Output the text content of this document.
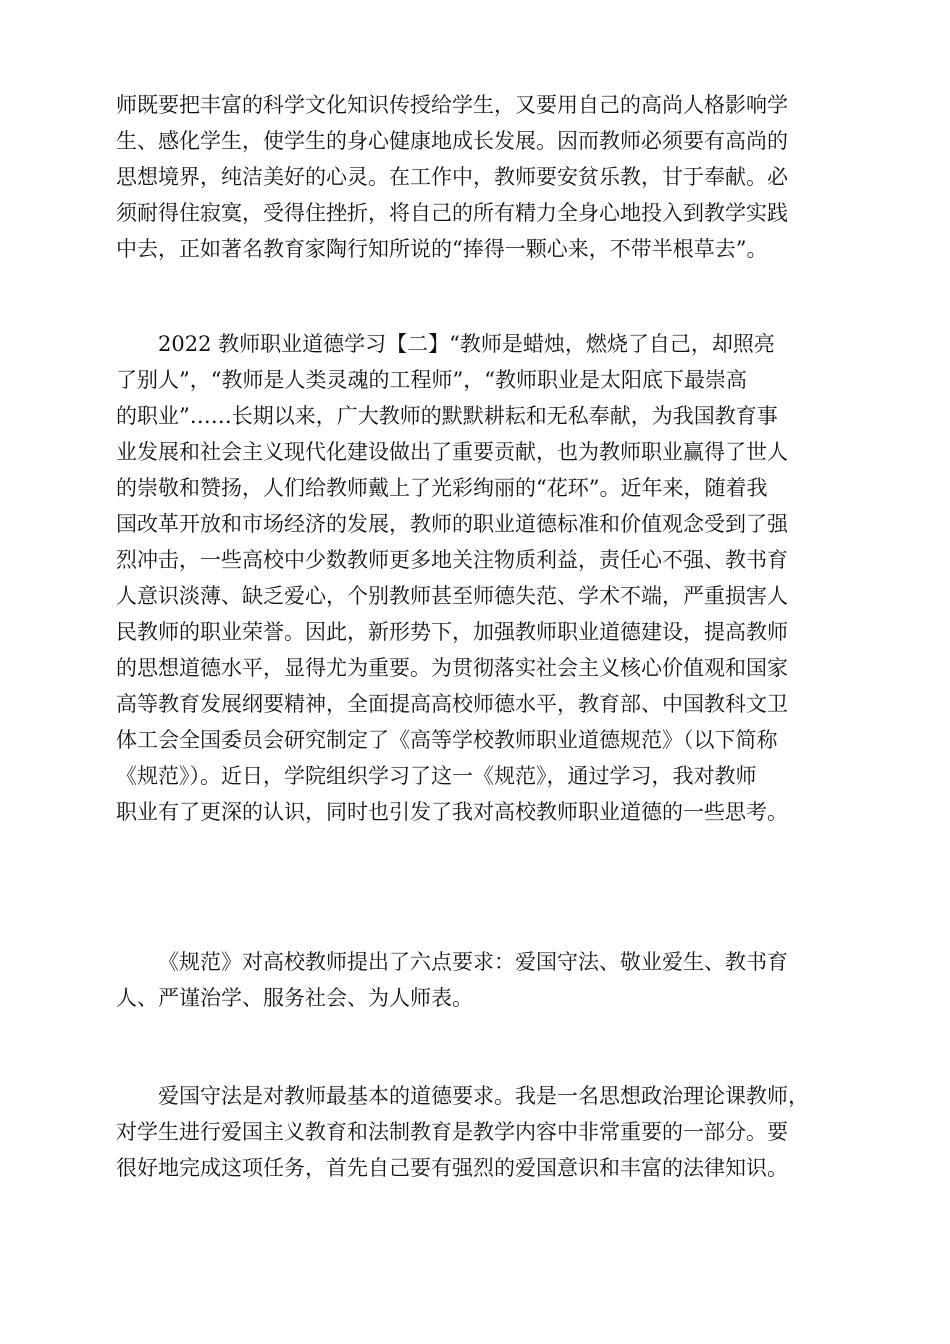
师既要把丰富的科学文化知识传授给学生，又要用自己的高尚人格影响学
生、感化学生，使学生的身心健康地成长发展。因而教师必须要有高尚的
思想境界，纯洁美好的心灵。在工作中，教师要安贫乐教，甘于奉献。必
须耐得住寂寞，受得住挫折，将自己的所有精力全身心地投入到教学实践
中去，正如著名教育家陶行知所说的“捧得一颗心来，不带半根草去”。
2022 教师职业道德学习【二】“教师是蜡烛，燃烧了自己，却照亮
了别人”，“教师是人类灵魂的工程师”，“教师职业是太阳底下最崇高
的职业”……长期以来，广大教师的默默耕耘和无私奉献，为我国教育事
业发展和社会主义现代化建设做出了重要贡献，也为教师职业赢得了世人
的崇敬和赞扬，人们给教师戴上了光彩绚丽的“花环”。近年来，随着我
国改革开放和市场经济的发展，教师的职业道德标准和价值观念受到了强
烈冲击，一些高校中少数教师更多地关注物质利益，责任心不强、教书育
人意识淡薄、缺乏爱心，个别教师甚至师德失范、学术不端，严重损害人
民教师的职业荣誉。因此，新形势下，加强教师职业道德建设，提高教师
的思想道德水平，显得尤为重要。为贯彻落实社会主义核心价值观和国家
高等教育发展纲要精神，全面提高高校师德水平，教育部、中国教科文卫
体工会全国委员会研究制定了《高等学校教师职业道德规范》（以下简称
《规范》）。近日，学院组织学习了这一《规范》，通过学习，我对教师
职业有了更深的认识，同时也引发了我对高校教师职业道德的一些思考。
《规范》对高校教师提出了六点要求：爱国守法、敬业爱生、教书育
人、严谨治学、服务社会、为人师表。
爱国守法是对教师最基本的道德要求。我是一名思想政治理论课教师，
对学生进行爱国主义教育和法制教育是教学内容中非常重要的一部分。要
很好地完成这项任务，首先自己要有强烈的爱国意识和丰富的法律知识。
